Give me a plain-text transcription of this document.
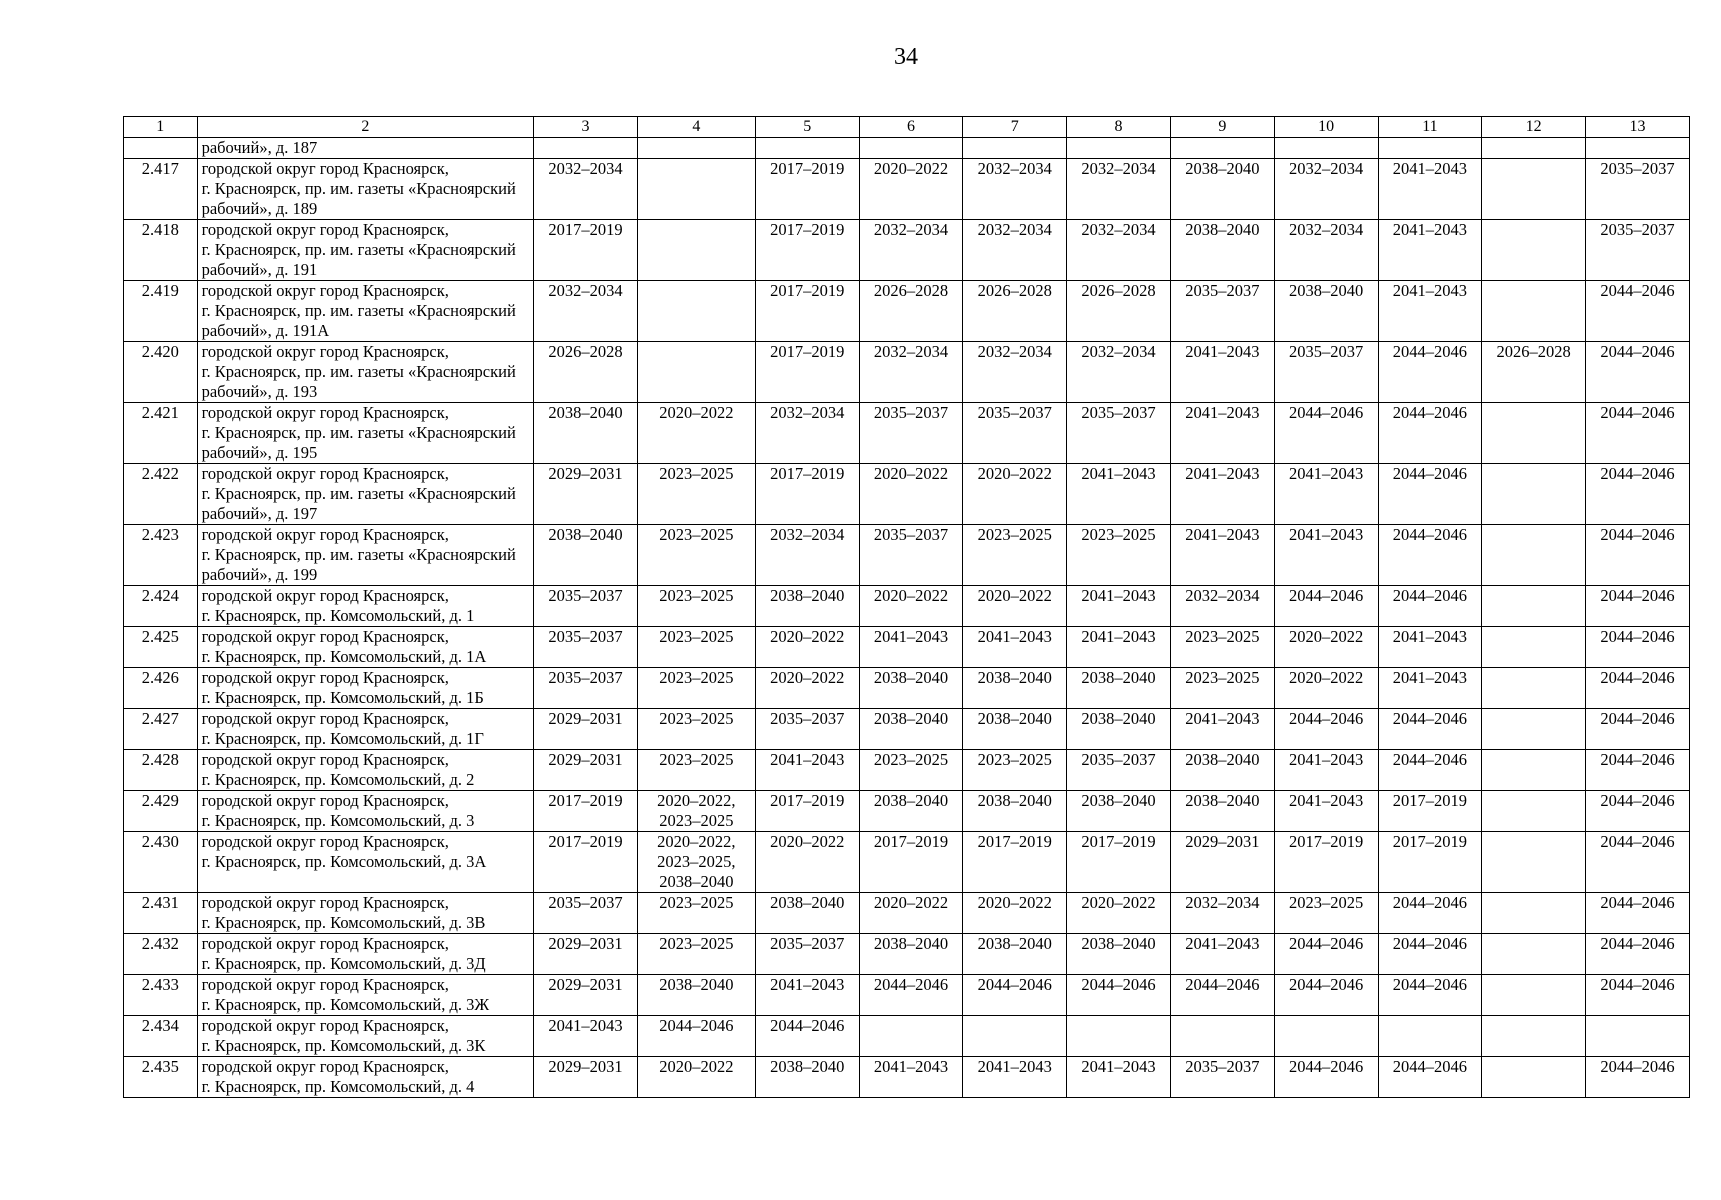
34
1	2	3	4	5	6	7	8	9	10	11	12	13

	рабочий», д. 187											

2.417	городской округ город Красноярск,
г. Красноярск, пр. им. газеты «Красноярский
рабочий», д. 189	2032–2034		2017–2019	2020–2022	2032–2034	2032–2034	2038–2040	2032–2034	2041–2043		2035–2037

2.418	городской округ город Красноярск,
г. Красноярск, пр. им. газеты «Красноярский
рабочий», д. 191	2017–2019		2017–2019	2032–2034	2032–2034	2032–2034	2038–2040	2032–2034	2041–2043		2035–2037

2.419	городской округ город Красноярск,
г. Красноярск, пр. им. газеты «Красноярский
рабочий», д. 191А	2032–2034		2017–2019	2026–2028	2026–2028	2026–2028	2035–2037	2038–2040	2041–2043		2044–2046

2.420	городской округ город Красноярск,
г. Красноярск, пр. им. газеты «Красноярский
рабочий», д. 193	2026–2028		2017–2019	2032–2034	2032–2034	2032–2034	2041–2043	2035–2037	2044–2046	2026–2028	2044–2046

2.421	городской округ город Красноярск,
г. Красноярск, пр. им. газеты «Красноярский
рабочий», д. 195	2038–2040	2020–2022	2032–2034	2035–2037	2035–2037	2035–2037	2041–2043	2044–2046	2044–2046		2044–2046

2.422	городской округ город Красноярск,
г. Красноярск, пр. им. газеты «Красноярский
рабочий», д. 197	2029–2031	2023–2025	2017–2019	2020–2022	2020–2022	2041–2043	2041–2043	2041–2043	2044–2046		2044–2046

2.423	городской округ город Красноярск,
г. Красноярск, пр. им. газеты «Красноярский
рабочий», д. 199	2038–2040	2023–2025	2032–2034	2035–2037	2023–2025	2023–2025	2041–2043	2041–2043	2044–2046		2044–2046

2.424	городской округ город Красноярск,
г. Красноярск, пр. Комсомольский, д. 1	2035–2037	2023–2025	2038–2040	2020–2022	2020–2022	2041–2043	2032–2034	2044–2046	2044–2046		2044–2046

2.425	городской округ город Красноярск,
г. Красноярск, пр. Комсомольский, д. 1А	2035–2037	2023–2025	2020–2022	2041–2043	2041–2043	2041–2043	2023–2025	2020–2022	2041–2043		2044–2046

2.426	городской округ город Красноярск,
г. Красноярск, пр. Комсомольский, д. 1Б	2035–2037	2023–2025	2020–2022	2038–2040	2038–2040	2038–2040	2023–2025	2020–2022	2041–2043		2044–2046

2.427	городской округ город Красноярск,
г. Красноярск, пр. Комсомольский, д. 1Г	2029–2031	2023–2025	2035–2037	2038–2040	2038–2040	2038–2040	2041–2043	2044–2046	2044–2046		2044–2046

2.428	городской округ город Красноярск,
г. Красноярск, пр. Комсомольский, д. 2	2029–2031	2023–2025	2041–2043	2023–2025	2023–2025	2035–2037	2038–2040	2041–2043	2044–2046		2044–2046

2.429	городской округ город Красноярск,
г. Красноярск, пр. Комсомольский, д. 3	2017–2019	2020–2022,
2023–2025	2017–2019	2038–2040	2038–2040	2038–2040	2038–2040	2041–2043	2017–2019		2044–2046

2.430	городской округ город Красноярск,
г. Красноярск, пр. Комсомольский, д. 3А	2017–2019	2020–2022,
2023–2025,
2038–2040	2020–2022	2017–2019	2017–2019	2017–2019	2029–2031	2017–2019	2017–2019		2044–2046

2.431	городской округ город Красноярск,
г. Красноярск, пр. Комсомольский, д. 3В	2035–2037	2023–2025	2038–2040	2020–2022	2020–2022	2020–2022	2032–2034	2023–2025	2044–2046		2044–2046

2.432	городской округ город Красноярск,
г. Красноярск, пр. Комсомольский, д. 3Д	2029–2031	2023–2025	2035–2037	2038–2040	2038–2040	2038–2040	2041–2043	2044–2046	2044–2046		2044–2046

2.433	городской округ город Красноярск,
г. Красноярск, пр. Комсомольский, д. 3Ж	2029–2031	2038–2040	2041–2043	2044–2046	2044–2046	2044–2046	2044–2046	2044–2046	2044–2046		2044–2046

2.434	городской округ город Красноярск,
г. Красноярск, пр. Комсомольский, д. 3К	2041–2043	2044–2046	2044–2046								

2.435	городской округ город Красноярск,
г. Красноярск, пр. Комсомольский, д. 4	2029–2031	2020–2022	2038–2040	2041–2043	2041–2043	2041–2043	2035–2037	2044–2046	2044–2046		2044–2046
